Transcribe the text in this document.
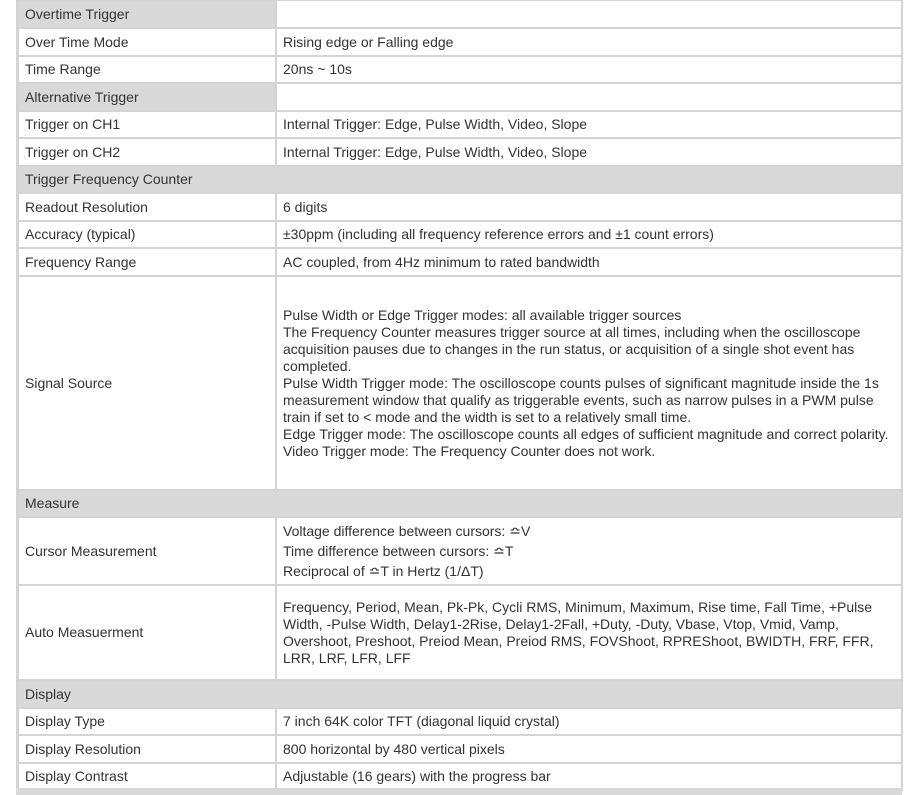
Overtime Trigger	
Over Time Mode	Rising edge or Falling edge
Time Range	20ns ~ 10s
Alternative Trigger	
Trigger on CH1	Internal Trigger: Edge, Pulse Width, Video, Slope
Trigger on CH2	Internal Trigger: Edge, Pulse Width, Video, Slope
Trigger Frequency Counter	
Readout Resolution	6 digits
Accuracy (typical)	±30ppm (including all frequency reference errors and ±1 count errors)
Frequency Range	AC coupled, from 4Hz minimum to rated bandwidth
Signal Source	Pulse Width or Edge Trigger modes: all available trigger sources
The Frequency Counter measures trigger source at all times, including when the oscilloscope acquisition pauses due to changes in the run status, or acquisition of a single shot event has completed.
Pulse Width Trigger mode: The oscilloscope counts pulses of significant magnitude inside the 1s measurement window that qualify as triggerable events, such as narrow pulses in a PWM pulse train if set to < mode and the width is set to a relatively small time.
Edge Trigger mode: The oscilloscope counts all edges of sufficient magnitude and correct polarity.
Video Trigger mode: The Frequency Counter does not work.

Measure	
Cursor Measurement	Voltage difference between cursors: ≏V
Time difference between cursors: ≏T
Reciprocal of ≏T in Hertz (1/ΔT)

Auto Measuerment	Frequency, Period, Mean, Pk-Pk, Cycli RMS, Minimum, Maximum, Rise time, Fall Time, +Pulse Width, -Pulse Width, Delay1-2Rise, Delay1-2Fall, +Duty, -Duty, Vbase, Vtop, Vmid, Vamp, Overshoot, Preshoot, Preiod Mean, Preiod RMS, FOVShoot, RPREShoot, BWIDTH, FRF, FFR, LRR, LRF, LFR, LFF
Display	
Display Type	7 inch 64K color TFT (diagonal liquid crystal)
Display Resolution	800 horizontal by 480 vertical pixels
Display Contrast	Adjustable (16 gears) with the progress bar
